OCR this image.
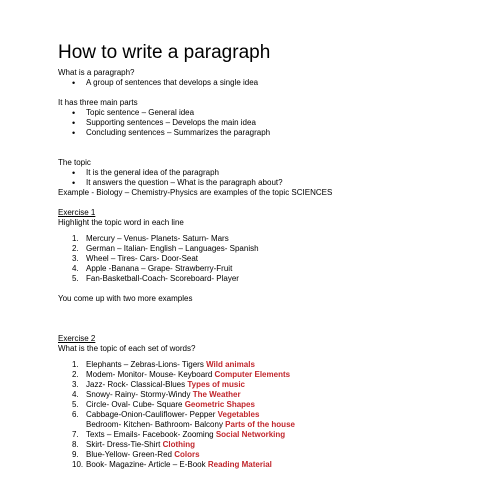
How to write a paragraph
What is a paragraph?
• A group of sentences that develops a single idea
It has three main parts
• Topic sentence – General idea
• Supporting sentences – Develops the main idea
• Concluding sentences – Summarizes the paragraph
The topic
• It is the general idea of the paragraph
• It answers the question – What is the paragraph about?
Example - Biology – Chemistry-Physics are examples of the topic SCIENCES
Exercise 1
Highlight the topic word in each line
1. Mercury – Venus- Planets- Saturn- Mars
2. German – Italian- English – Languages- Spanish
3. Wheel – Tires- Cars- Door-Seat
4. Apple -Banana – Grape- Strawberry-Fruit
5. Fan-Basketball-Coach- Scoreboard- Player
You come up with two more examples
Exercise 2
What is the topic of each set of words?
1. Elephants – Zebras-Lions- Tigers Wild animals
2. Modem- Monitor- Mouse- Keyboard Computer Elements
3. Jazz- Rock- Classical-Blues Types of music
4. Snowy- Rainy- Stormy-Windy The Weather
5. Circle- Oval- Cube- Square Geometric Shapes
6. Cabbage-Onion-Cauliflower- Pepper Vegetables
Bedroom- Kitchen- Bathroom- Balcony Parts of the house
7. Texts – Emails- Facebook- Zooming Social Networking
8. Skirt- Dress-Tie-Shirt Clothing
9. Blue-Yellow- Green-Red Colors
10. Book- Magazine- Article – E-Book Reading Material
